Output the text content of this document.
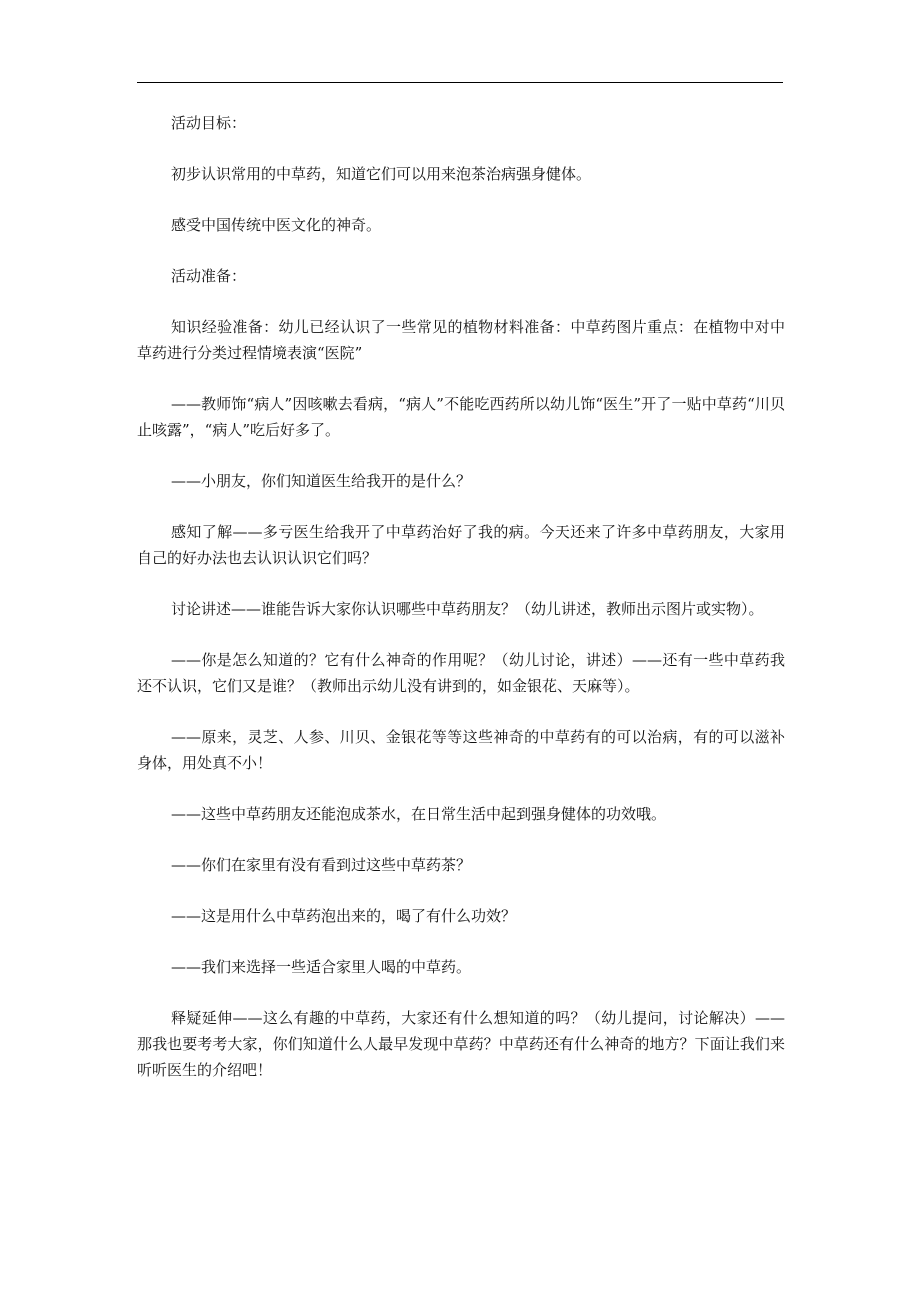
活动目标：

初步认识常用的中草药，知道它们可以用来泡茶治病强身健体。

感受中国传统中医文化的神奇。

活动准备：

知识经验准备：幼儿已经认识了一些常见的植物材料准备：中草药图片重点：在植物中对中草药进行分类过程情境表演“医院”

——教师饰“病人”因咳嗽去看病，“病人”不能吃西药所以幼儿饰“医生”开了一贴中草药“川贝止咳露”，“病人”吃后好多了。

——小朋友，你们知道医生给我开的是什么？

感知了解——多亏医生给我开了中草药治好了我的病。今天还来了许多中草药朋友，大家用自己的好办法也去认识认识它们吗？

讨论讲述——谁能告诉大家你认识哪些中草药朋友？（幼儿讲述，教师出示图片或实物）。

——你是怎么知道的？它有什么神奇的作用呢？（幼儿讨论，讲述）——还有一些中草药我还不认识，它们又是谁？（教师出示幼儿没有讲到的，如金银花、天麻等）。

——原来，灵芝、人参、川贝、金银花等等这些神奇的中草药有的可以治病，有的可以滋补身体，用处真不小！

——这些中草药朋友还能泡成茶水，在日常生活中起到强身健体的功效哦。

——你们在家里有没有看到过这些中草药茶？

——这是用什么中草药泡出来的，喝了有什么功效？

——我们来选择一些适合家里人喝的中草药。

释疑延伸——这么有趣的中草药，大家还有什么想知道的吗？（幼儿提问，讨论解决）——那我也要考考大家，你们知道什么人最早发现中草药？中草药还有什么神奇的地方？下面让我们来听听医生的介绍吧！
